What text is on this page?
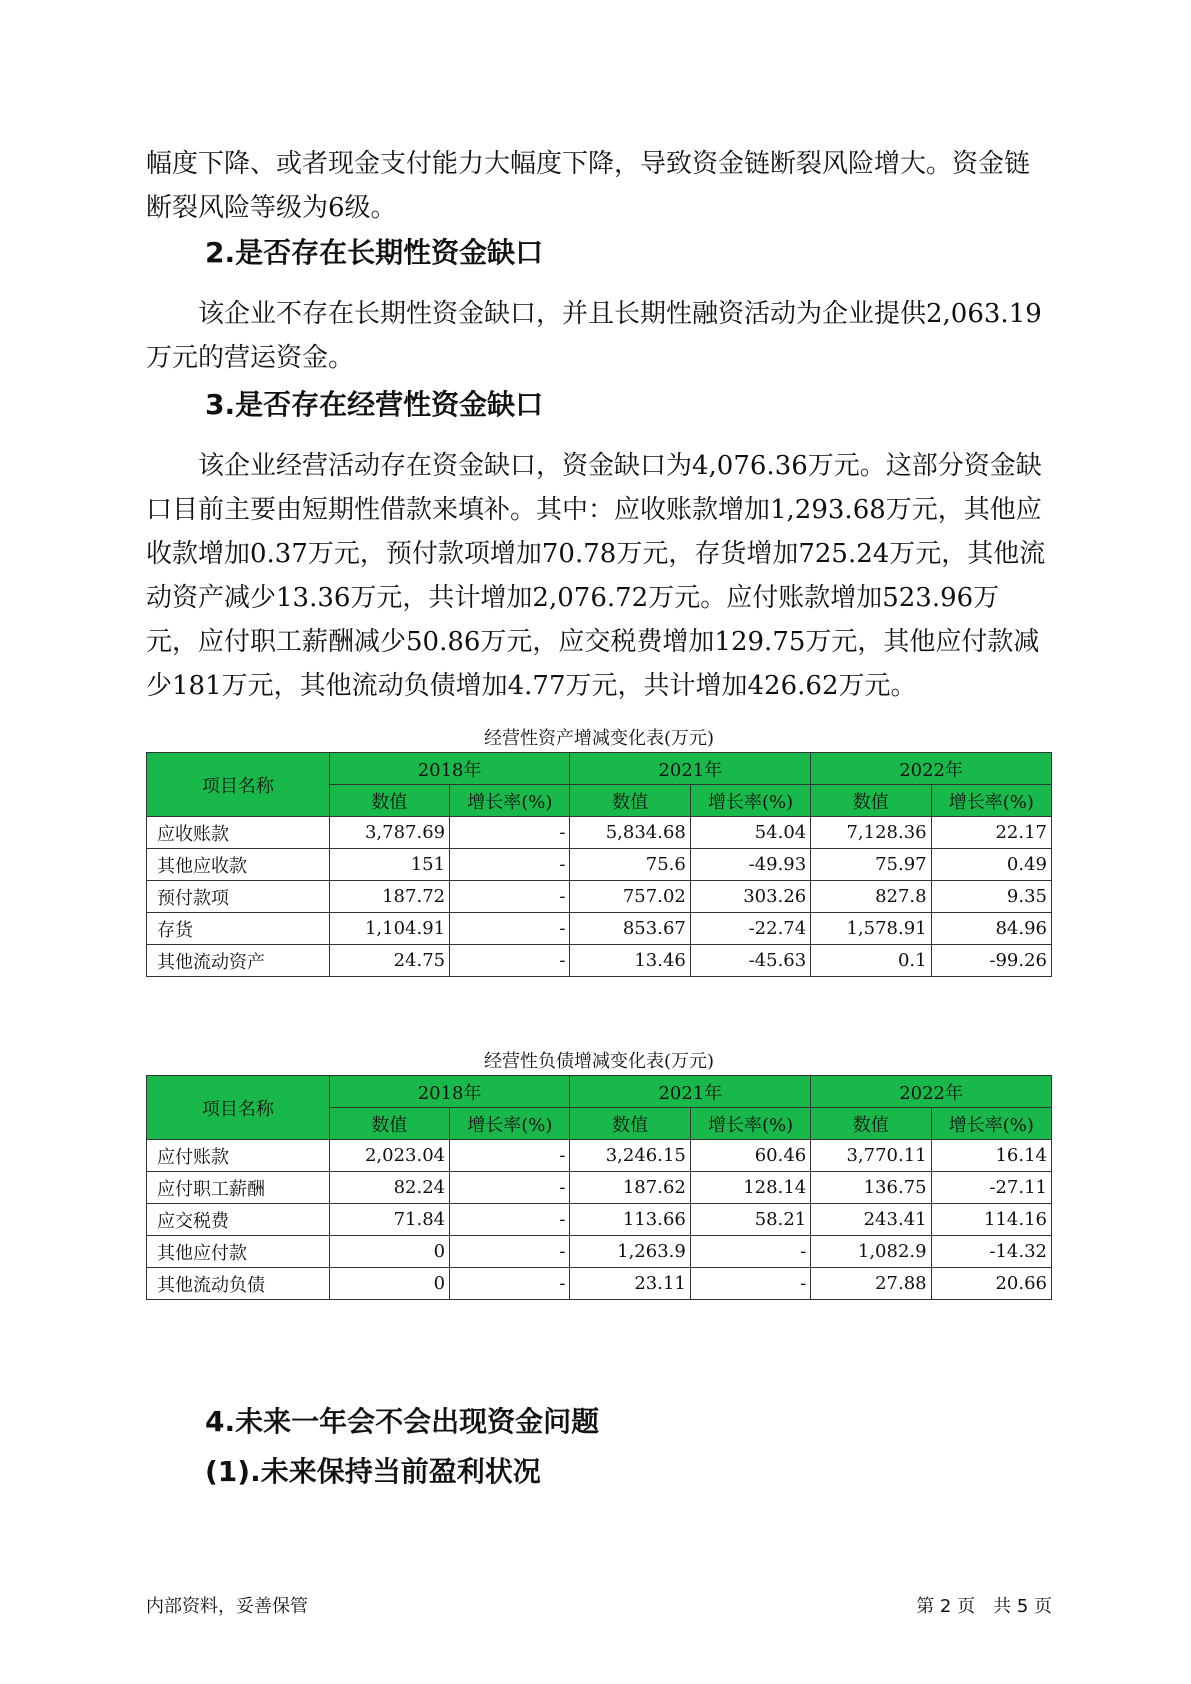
幅度下降、或者现金支付能力大幅度下降，导致资金链断裂风险增大。资金链断裂风险等级为6级。

2.是否存在长期性资金缺口

该企业不存在长期性资金缺口，并且长期性融资活动为企业提供2,063.19万元的营运资金。

3.是否存在经营性资金缺口

该企业经营活动存在资金缺口，资金缺口为4,076.36万元。这部分资金缺口目前主要由短期性借款来填补。其中：应收账款增加1,293.68万元，其他应收款增加0.37万元，预付款项增加70.78万元，存货增加725.24万元，其他流动资产减少13.36万元，共计增加2,076.72万元。应付账款增加523.96万元，应付职工薪酬减少50.86万元，应交税费增加129.75万元，其他应付款减少181万元，其他流动负债增加4.77万元，共计增加426.62万元。

经营性资产增减变化表(万元)
项目名称	2018年		2021年		2022年	
	数值	增长率(%)	数值	增长率(%)	数值	增长率(%)
应收账款	3,787.69	-	5,834.68	54.04	7,128.36	22.17
其他应收款	151	-	75.6	-49.93	75.97	0.49
预付款项	187.72	-	757.02	303.26	827.8	9.35
存货	1,104.91	-	853.67	-22.74	1,578.91	84.96
其他流动资产	24.75	-	13.46	-45.63	0.1	-99.26
经营性负债增减变化表(万元)
项目名称	2018年		2021年		2022年	
	数值	增长率(%)	数值	增长率(%)	数值	增长率(%)
应付账款	2,023.04	-	3,246.15	60.46	3,770.11	16.14
应付职工薪酬	82.24	-	187.62	128.14	136.75	-27.11
应交税费	71.84	-	113.66	58.21	243.41	114.16
其他应付款	0	-	1,263.9	-	1,082.9	-14.32
其他流动负债	0	-	23.11	-	27.88	20.66
4.未来一年会不会出现资金问题
(1).未来保持当前盈利状况
内部资料，妥善保管	第 2 页　共 5 页
